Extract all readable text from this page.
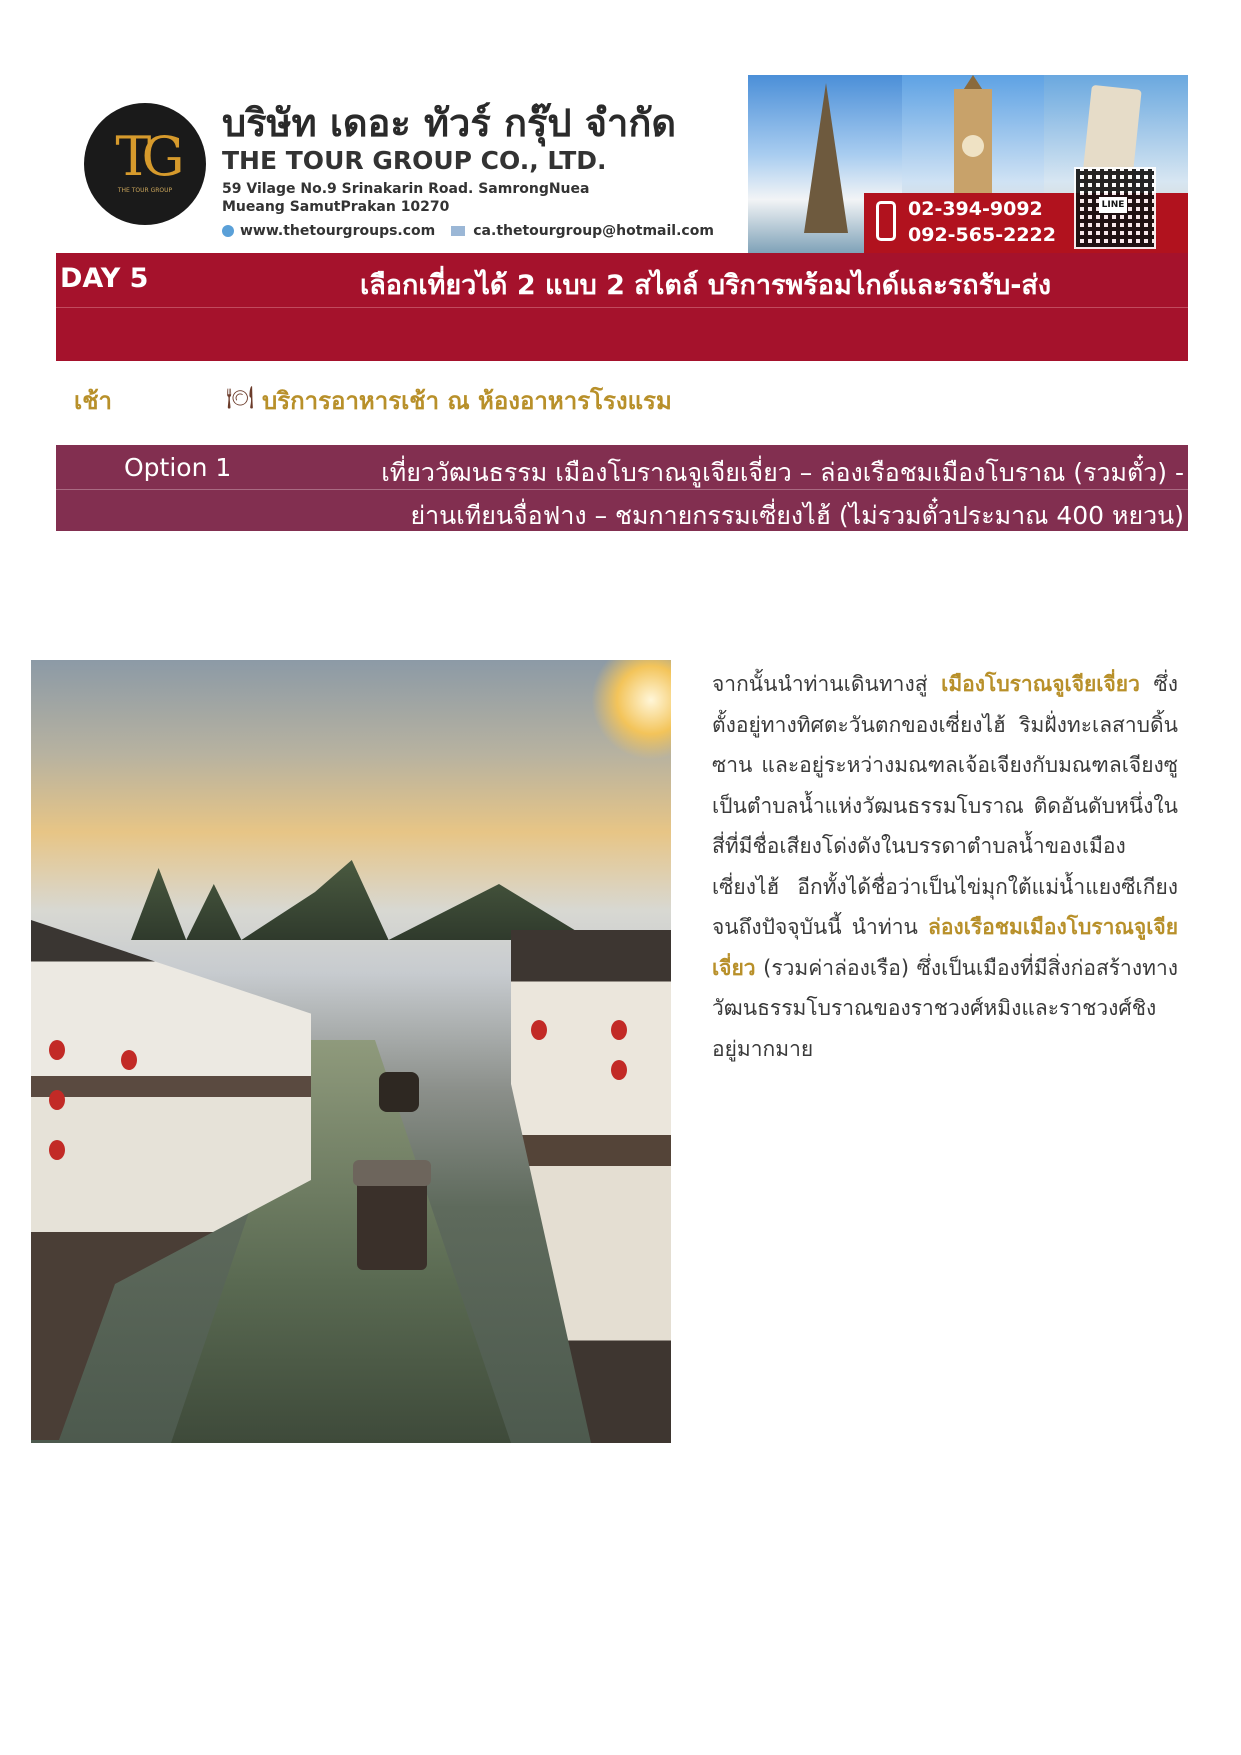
TG
THE TOUR GROUP
บริษัท เดอะ ทัวร์ กรุ๊ป จำกัด
THE TOUR GROUP CO., LTD.
59 Vilage No.9 Srinakarin Road. SamrongNuea
Mueang SamutPrakan 10270
www.thetourgroups.com	ca.thetourgroup@hotmail.com
02-394-9092
092-565-2222
LINE
DAY 5	เลือกเที่ยวได้ 2 แบบ 2 สไตล์ บริการพร้อมไกด์และรถรับ-ส่ง
เช้า	🍽 บริการอาหารเช้า ณ ห้องอาหารโรงแรม
Option 1	เที่ยววัฒนธรรม เมืองโบราณจูเจียเจี่ยว – ล่องเรือชมเมืองโบราณ (รวมตั๋ว) -
ย่านเทียนจื่อฟาง – ชมกายกรรมเซี่ยงไฮ้ (ไม่รวมตั๋วประมาณ 400 หยวน)
จากนั้นนำท่านเดินทางสู่ เมืองโบราณจูเจียเจี่ยว ซึ่งตั้งอยู่ทางทิศตะวันตกของเซี่ยงไฮ้ ริมฝั่งทะเลสาบดิ้นซาน และอยู่ระหว่างมณฑลเจ้อเจียงกับมณฑลเจียงซู เป็นตำบลน้ำแห่งวัฒนธรรมโบราณ ติดอันดับหนึ่งในสี่ที่มีชื่อเสียงโด่งดังในบรรดาตำบลน้ำของเมืองเซี่ยงไฮ้ อีกทั้งได้ชื่อว่าเป็นไข่มุกใต้แม่น้ำแยงซีเกียงจนถึงปัจจุบันนี้ นำท่าน ล่องเรือชมเมืองโบราณจูเจียเจี่ยว (รวมค่าล่องเรือ) ซึ่งเป็นเมืองที่มีสิ่งก่อสร้างทางวัฒนธรรมโบราณของราชวงศ์หมิงและราชวงศ์ชิงอยู่มากมาย
